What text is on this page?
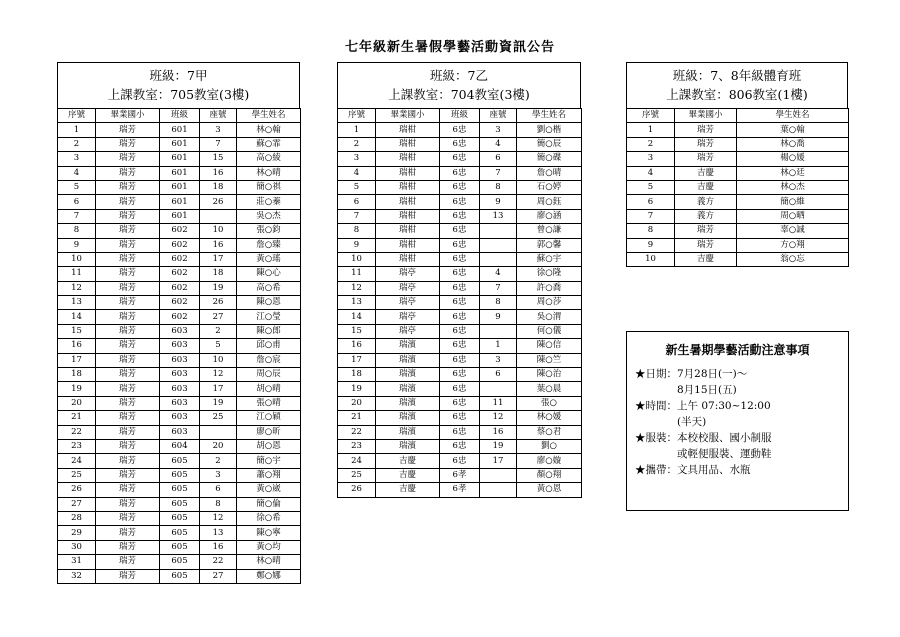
七年級新生暑假學藝活動資訊公告
班級：7甲
上課教室：705教室(3樓)
序號	畢業國小	班級	座號	學生姓名
1	瑞芳	601	3	林○翰
2	瑞芳	601	7	蘇○霏
3	瑞芳	601	15	高○綾
4	瑞芳	601	16	林○晴
5	瑞芳	601	18	簡○祺
6	瑞芳	601	26	莊○蓁
7	瑞芳	601		吳○杰
8	瑞芳	602	10	張○鈞
9	瑞芳	602	16	詹○臻
10	瑞芳	602	17	黃○瑤
11	瑞芳	602	18	陳○心
12	瑞芳	602	19	高○希
13	瑞芳	602	26	陳○恩
14	瑞芳	602	27	江○瑩
15	瑞芳	603	2	陳○郎
16	瑞芳	603	5	邱○甫
17	瑞芳	603	10	詹○宸
18	瑞芳	603	12	周○辰
19	瑞芳	603	17	胡○晴
20	瑞芳	603	19	張○晴
21	瑞芳	603	25	江○穎
22	瑞芳	603		廖○昕
23	瑞芳	604	20	胡○恩
24	瑞芳	605	2	簡○宇
25	瑞芳	605	3	蕭○翔
26	瑞芳	605	6	黃○崴
27	瑞芳	605	8	簡○倫
28	瑞芳	605	12	徐○希
29	瑞芳	605	13	陳○寧
30	瑞芳	605	16	黃○均
31	瑞芳	605	22	林○晴
32	瑞芳	605	27	鄭○娜
班級：7乙
上課教室：704教室(3樓)
序號	畢業國小	班級	座號	學生姓名
1	瑞柑	6忠	3	劉○楷
2	瑞柑	6忠	4	簡○辰
3	瑞柑	6忠	6	簡○碟
4	瑞柑	6忠	7	詹○晴
5	瑞柑	6忠	8	石○婷
6	瑞柑	6忠	9	周○鈺
7	瑞柑	6忠	13	廖○涵
8	瑞柑	6忠		曾○謙
9	瑞柑	6忠		郭○馨
10	瑞柑	6忠		蘇○宇
11	瑞亭	6忠	4	徐○隆
12	瑞亭	6忠	7	許○喬
13	瑞亭	6忠	8	周○莎
14	瑞亭	6忠	9	吳○渭
15	瑞亭	6忠		何○儀
16	瑞濱	6忠	1	陳○信
17	瑞濱	6忠	3	陳○竺
18	瑞濱	6忠	6	陳○治
19	瑞濱	6忠		葉○晨
20	瑞濱	6忠	11	張○
21	瑞濱	6忠	12	林○媛
22	瑞濱	6忠	16	蔡○君
23	瑞濱	6忠	19	劉○
24	吉慶	6忠	17	廖○嫙
25	吉慶	6孝		顏○翔
26	吉慶	6孝		黃○恩
班級：7、8年級體育班
上課教室：806教室(1樓)
序號	畢業國小	學生姓名
1	瑞芳	葉○翰
2	瑞芳	林○喬
3	瑞芳	楊○媛
4	吉慶	林○廷
5	吉慶	林○杰
6	義方	簡○維
7	義方	周○晒
8	瑞芳	辜○誠
9	瑞芳	方○翔
10	吉慶	翁○忘
新生暑期學藝活動注意事項
★日期：7月28日(一)～
8月15日(五)
★時間：上午 07:30~12:00
(半天)
★服裝：本校校服、國小制服
或輕便服裝、運動鞋
★攜帶：文具用品、水瓶
